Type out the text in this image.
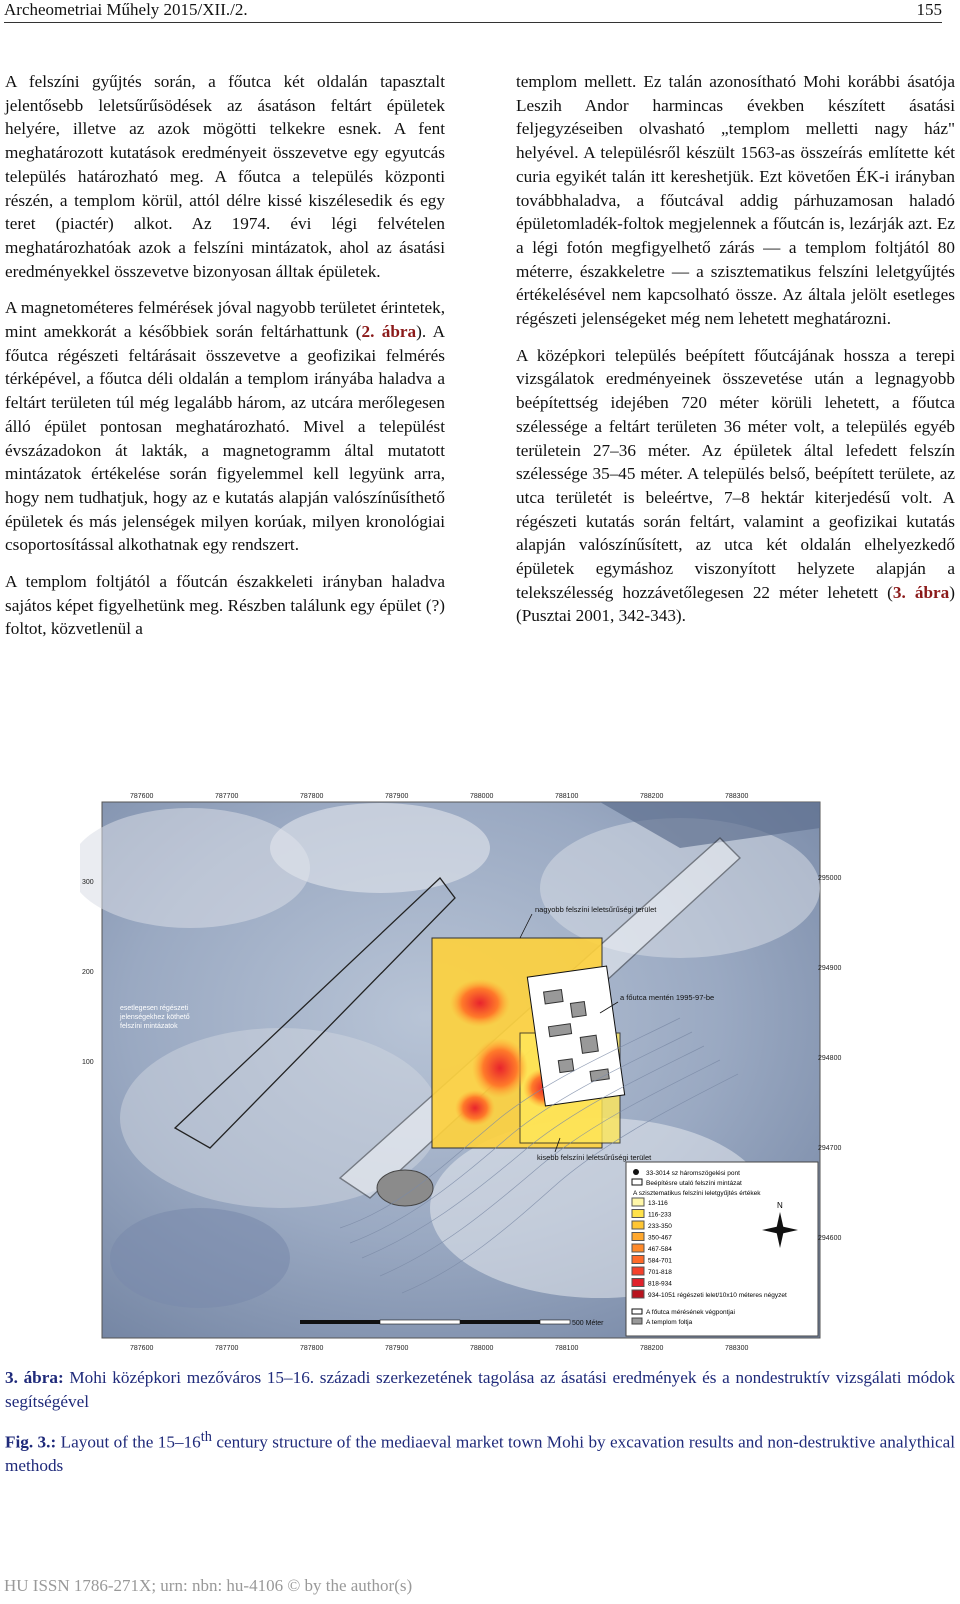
Archeometriai Műhely 2015/XII./2.	155

A felszíni gyűjtés során, a főutca két oldalán tapasztalt jelentősebb leletsűrűsödések az ásatáson feltárt épületek helyére, illetve az azok mögötti telkekre esnek. A fent meghatározott kutatások eredményeit összevetve egy egyutcás település határozható meg. A főutca a település központi részén, a templom körül, attól délre kissé kiszélesedik és egy teret (piactér) alkot. Az 1974. évi légi felvételen meghatározhatóak azok a felszíni mintázatok, ahol az ásatási eredményekkel összevetve bizonyosan álltak épületek.

A magnetométeres felmérések jóval nagyobb területet érintetek, mint amekkorát a későbbiek során feltárhattunk (2. ábra). A főutca régészeti feltárásait összevetve a geofizikai felmérés térképével, a főutca déli oldalán a templom irányába haladva a feltárt területen túl még legalább három, az utcára merőlegesen álló épület pontosan meghatározható. Mivel a települést évszázadokon át lakták, a magnetogramm által mutatott mintázatok értékelése során figyelemmel kell legyünk arra, hogy nem tudhatjuk, hogy az e kutatás alapján valószínűsíthető épületek és más jelenségek milyen korúak, milyen kronológiai csoportosítással alkothatnak egy rendszert.

A templom foltjától a főutcán északkeleti irányban haladva sajátos képet figyelhetünk meg. Részben találunk egy épület (?) foltot, közvetlenül a

templom mellett. Ez talán azonosítható Mohi korábbi ásatója Leszih Andor harmincas években készített ásatási feljegyzéseiben olvasható „templom melletti nagy ház" helyével. A településről készült 1563-as összeírás említette két curia egyikét talán itt kereshetjük. Ezt követően ÉK-i irányban továbbhaladva, a főutcával addig párhuzamosan haladó épületomladék-foltok megjelennek a főutcán is, lezárják azt. Ez a légi fotón megfigyelhető zárás — a templom foltjától 80 méterre, északkeletre — a szisztematikus felszíni leletgyűjtés értékelésével nem kapcsolható össze. Az általa jelölt esetleges régészeti jelenségeket még nem lehetett meghatározni.

A középkori település beépített főutcájának hossza a terepi vizsgálatok eredményeinek összevetése után a legnagyobb beépítettség idejében 720 méter körüli lehetett, a főutca szélessége a feltárt területen 36 méter volt, a település egyéb területein 27–36 méter. Az épületek által lefedett felszín szélessége 35–45 méter. A település belső, beépített területe, az utca területét is beleértve, 7–8 hektár kiterjedésű volt. A régészeti kutatás során feltárt, valamint a geofizikai kutatás alapján valószínűsített, az utca két oldalán elhelyezkedő épületek egymáshoz viszonyított helyzete alapján a telekszélesség hozzávetőlegesen 22 méter lehetett (3. ábra) (Pusztai 2001, 342-343).

787600	787700	787800	787900	788000	788100	788200	788300
787600	787700	787800	787900	788000	788100	788200	788300
300
200
100
295000
294900
294800
294700
294600
nagyobb felszíni leletsűrűségi terület
a főutca mentén 1995-97-be
kisebb felszíni leletsűrűségi terület
esetlegesen régészeti
jelenségekhez köthető
felszíni mintázatok
500 Méter
33-3014 sz háromszögelési pont
Beépítésre utaló felszíni mintázat
A szisztematikus felszíni leletgyűjtés értékek
13-116
116-233
233-350
350-467
467-584
584-701
701-818
818-934
934-1051 régészeti lelet/10x10 méteres négyzet
A főutca mérésének végpontjai
A templom foltja
N
3. ábra: Mohi középkori mezőváros 15–16. századi szerkezetének tagolása az ásatási eredmények és a nondestruktív vizsgálati módok segítségével
Fig. 3.: Layout of the 15–16th century structure of the mediaeval market town Mohi by excavation results and non-destruktive analythical methods
HU ISSN 1786-271X; urn: nbn: hu-4106 © by the author(s)
